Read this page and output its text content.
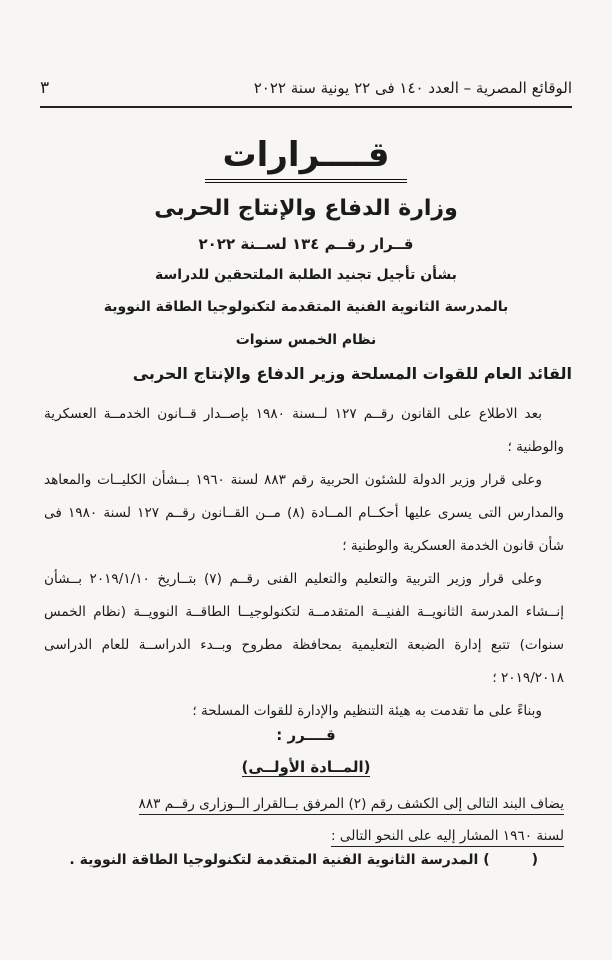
الوقائع المصرية – العدد ١٤٠ فى ٢٢ يونية سنة ٢٠٢٢
٣
قــــرارات
وزارة الدفاع والإنتاج الحربى
قــرار رقــم ١٣٤ لســنة ٢٠٢٢
بشأن تأجيل تجنيد الطلبة الملتحقين للدراسة
بالمدرسة الثانوية الفنية المتقدمة لتكنولوجيا الطاقة النووية
نظام الخمس سنوات
القائد العام للقوات المسلحة وزير الدفاع والإنتاج الحربى

بعد الاطلاع على القانون رقــم ١٢٧ لــسنة ١٩٨٠ بإصــدار قــانون الخدمــة العسكرية والوطنية ؛

وعلى قرار وزير الدولة للشئون الحربية رقم ٨٨٣ لسنة ١٩٦٠ بــشأن الكليــات والمعاهد والمدارس التى يسرى عليها أحكــام المــادة (٨) مــن القــانون رقــم ١٢٧ لسنة ١٩٨٠ فى شأن قانون الخدمة العسكرية والوطنية ؛

وعلى قرار وزير التربية والتعليم والتعليم الفنى رقــم (٧) بتــاريخ ٢٠١٩/١/١٠ بــشأن إنــشاء المدرسة الثانويــة الفنيــة المتقدمــة لتكنولوجيــا الطاقــة النوويــة (نظام الخمس سنوات) تتبع إدارة الضبعة التعليمية بمحافظة مطروح وبــدء الدراســة للعام الدراسى ٢٠١٩/٢٠١٨ ؛

وبناءً على ما تقدمت به هيئة التنظيم والإدارة للقوات المسلحة ؛

قــــرر :
(المــادة الأولــى)
يضاف البند التالى إلى الكشف رقم (٢) المرفق بــالقرار الــوزارى رقــم ٨٨٣
لسنة ١٩٦٠ المشار إليه على النحو التالى :
(
) المدرسة الثانوية الفنية المتقدمة لتكنولوجيا الطاقة النووية .
